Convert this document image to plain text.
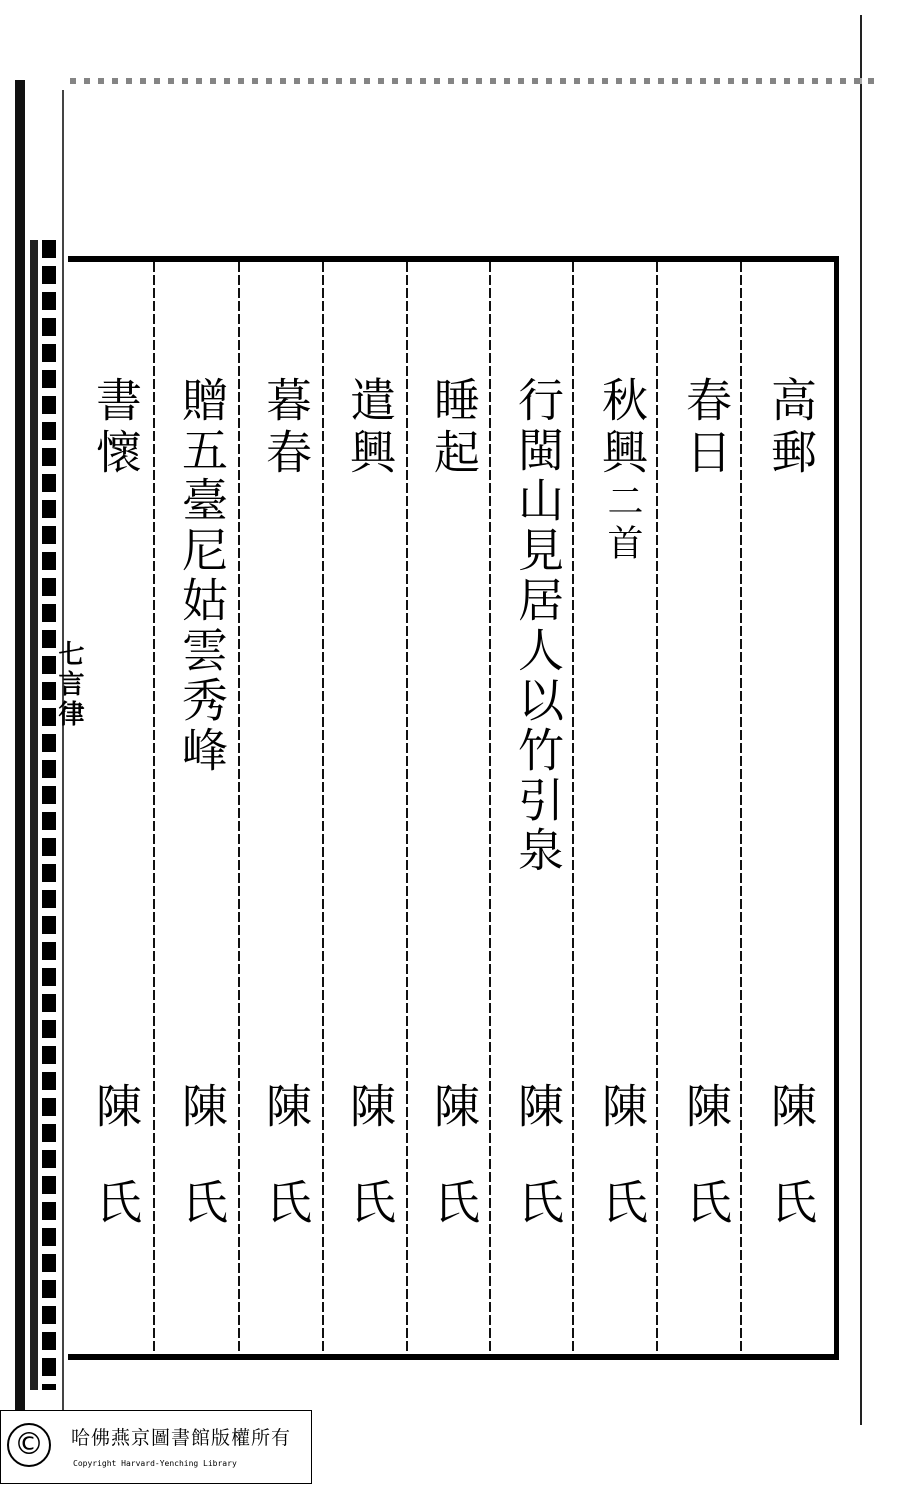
七言律
高郵
陳氏
春日
陳氏
秋興
二首
陳氏
行閩山見居人以竹引泉
陳氏
睡起
陳氏
遣興
陳氏
暮春
陳氏
贈五臺尼姑雲秀峰
陳氏
書懷
陳氏
©	哈佛燕京圖書館版權所有
Copyright Harvard-Yenching Library
